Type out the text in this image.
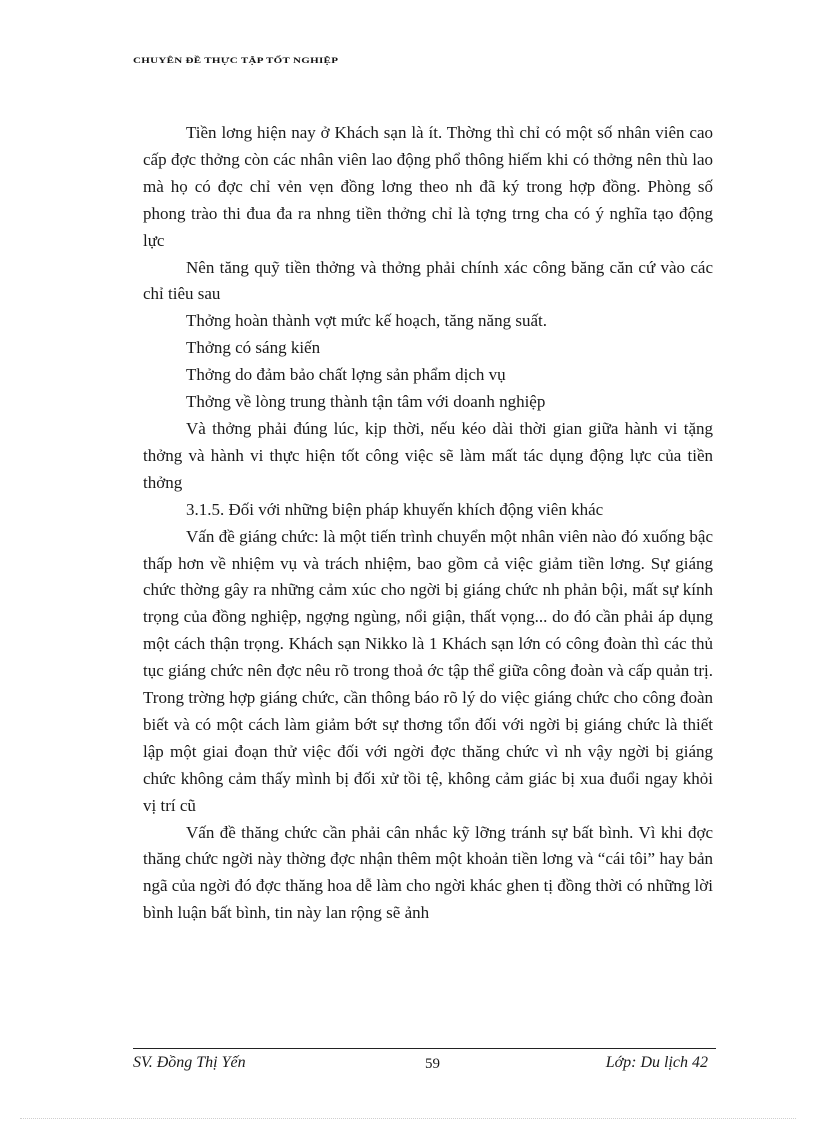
CHUYÊN ĐỀ THỰC TẬP TỐT NGHIỆP

Tiền lơng hiện nay ở Khách sạn là ít. Thờng thì chỉ có một số nhân viên cao cấp đợc thởng còn các nhân viên lao động phổ thông hiếm khi có thởng nên thù lao mà họ có đợc chỉ vẻn vẹn đồng lơng theo nh đã ký trong hợp đồng. Phòng số phong trào thi đua đa ra nhng tiền thởng chỉ là tợng trng cha có ý nghĩa tạo động lực

Nên tăng quỹ tiền thởng và thởng phải chính xác công băng căn cứ vào các chỉ tiêu sau

Thởng hoàn thành vợt mức kế hoạch, tăng năng suất.

Thởng có sáng kiến

Thởng do đảm bảo chất lợng sản phẩm dịch vụ

Thởng về lòng trung thành tận tâm với doanh nghiệp

Và thởng phải đúng lúc, kịp thời, nếu kéo dài thời gian giữa hành vi tặng thởng và hành vi thực hiện tốt công việc sẽ làm mất tác dụng động lực của tiền thởng

3.1.5. Đối với những biện pháp khuyến khích động viên khác

Vấn đề giáng chức: là một tiến trình chuyển một nhân viên nào đó xuống bậc thấp hơn về nhiệm vụ và trách nhiệm, bao gồm cả việc giảm tiền lơng. Sự giáng chức thờng gây ra những cảm xúc cho ngời bị giáng chức nh phản bội, mất sự kính trọng của đồng nghiệp, ngợng ngùng, nổi giận, thất vọng... do đó cần phải áp dụng một cách thận trọng. Khách sạn Nikko là 1 Khách sạn lớn có công đoàn thì các thủ tục giáng chức nên đợc nêu rõ trong thoả ớc tập thể giữa công đoàn và cấp quản trị. Trong trờng hợp giáng chức, cần thông báo rõ lý do việc giáng chức cho công đoàn biết và có một cách làm giảm bớt sự thơng tổn đối với ngời bị giáng chức là thiết lập một giai đoạn thử việc đối với ngời đợc thăng chức vì nh vậy ngời bị giáng chức không cảm thấy mình bị đối xử tồi tệ, không cảm giác bị xua đuổi ngay khỏi vị trí cũ

Vấn đề thăng chức cần phải cân nhắc kỹ lỡng tránh sự bất bình. Vì khi đợc thăng chức ngời này thờng đợc nhận thêm một khoản tiền lơng và “cái tôi” hay bản ngã của ngời đó đợc thăng hoa dễ làm cho ngời khác ghen tị đồng thời có những lời bình luận bất bình, tin này lan rộng sẽ ảnh

SV. Đồng Thị Yến	59	Lớp: Du lịch 42
